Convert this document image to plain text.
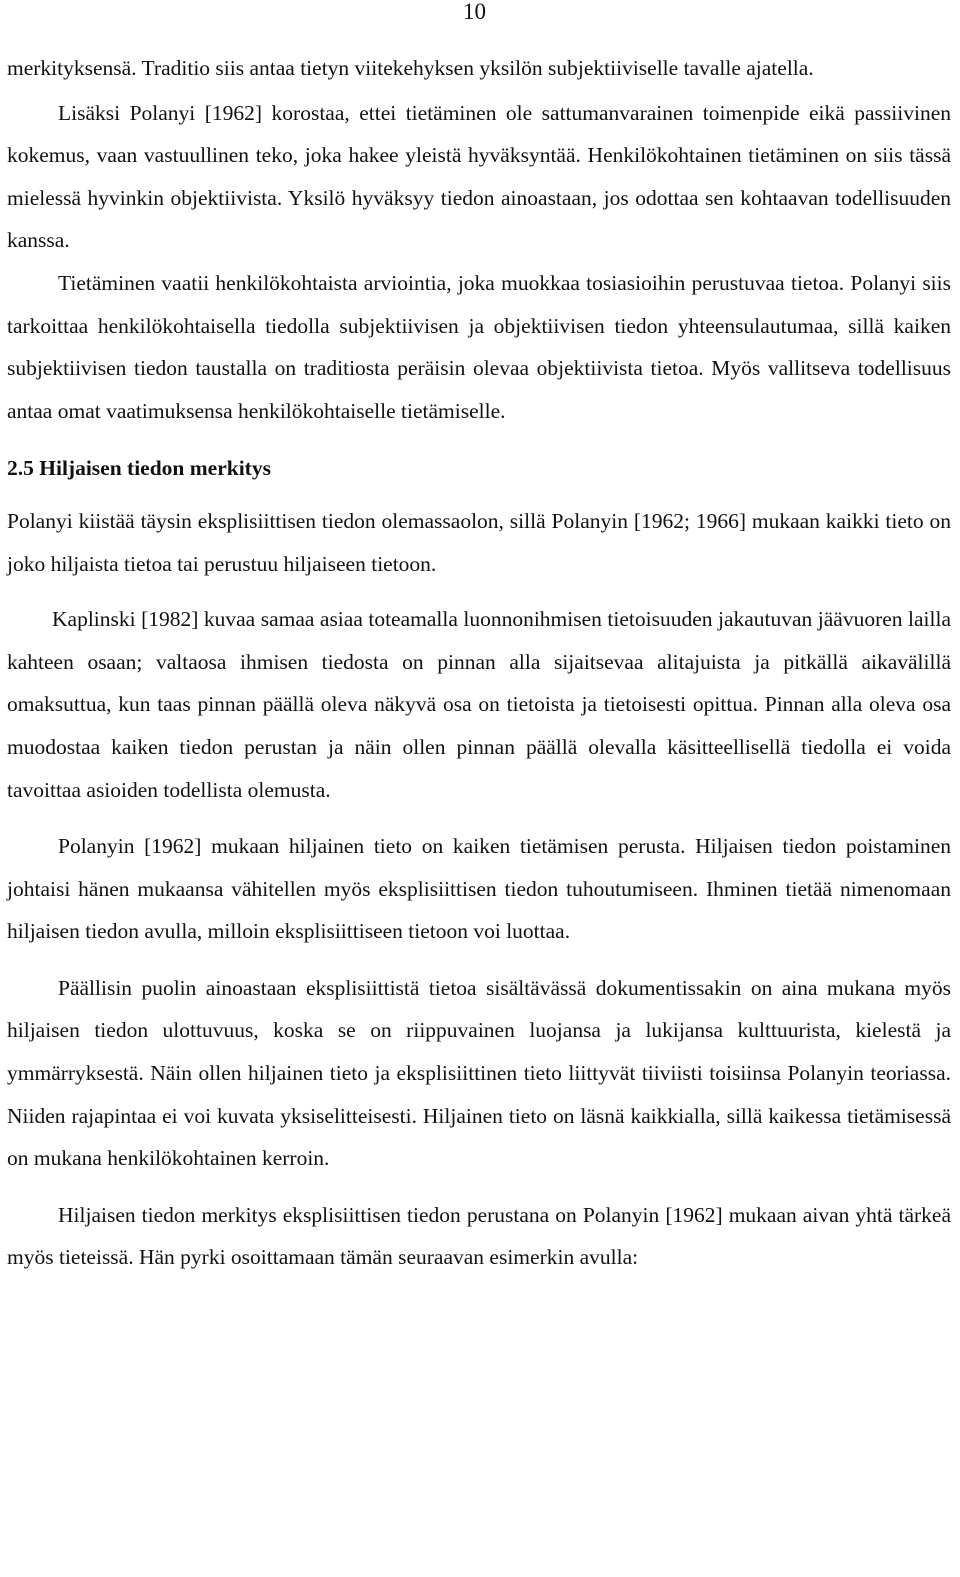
10

merkityksensä. Traditio siis antaa tietyn viitekehyksen yksilön subjektiiviselle tavalle ajatella.

Lisäksi Polanyi [1962] korostaa, ettei tietäminen ole sattumanvarainen toimenpide eikä passiivinen kokemus, vaan vastuullinen teko, joka hakee yleistä hyväksyntää. Henkilökohtainen tietäminen on siis tässä mielessä hyvinkin objektiivista. Yksilö hyväksyy tiedon ainoastaan, jos odottaa sen kohtaavan todellisuuden kanssa.

Tietäminen vaatii henkilökohtaista arviointia, joka muokkaa tosiasioihin perustuvaa tietoa. Polanyi siis tarkoittaa henkilökohtaisella tiedolla subjektiivisen ja objektiivisen tiedon yhteensulautumaa, sillä kaiken subjektiivisen tiedon taustalla on traditiosta peräisin olevaa objektiivista tietoa. Myös vallitseva todellisuus antaa omat vaatimuksensa henkilökohtaiselle tietämiselle.

2.5 Hiljaisen tiedon merkitys

Polanyi kiistää täysin eksplisiittisen tiedon olemassaolon, sillä Polanyin [1962; 1966] mukaan kaikki tieto on joko hiljaista tietoa tai perustuu hiljaiseen tietoon.

Kaplinski [1982] kuvaa samaa asiaa toteamalla luonnonihmisen tietoisuuden jakautuvan jäävuoren lailla kahteen osaan; valtaosa ihmisen tiedosta on pinnan alla sijaitsevaa alitajuista ja pitkällä aikavälillä omaksuttua, kun taas pinnan päällä oleva näkyvä osa on tietoista ja tietoisesti opittua. Pinnan alla oleva osa muodostaa kaiken tiedon perustan ja näin ollen pinnan päällä olevalla käsitteellisellä tiedolla ei voida tavoittaa asioiden todellista olemusta.

Polanyin [1962] mukaan hiljainen tieto on kaiken tietämisen perusta. Hiljaisen tiedon poistaminen johtaisi hänen mukaansa vähitellen myös eksplisiittisen tiedon tuhoutumiseen. Ihminen tietää nimenomaan hiljaisen tiedon avulla, milloin eksplisiittiseen tietoon voi luottaa.

Päällisin puolin ainoastaan eksplisiittistä tietoa sisältävässä dokumentissakin on aina mukana myös hiljaisen tiedon ulottuvuus, koska se on riippuvainen luojansa ja lukijansa kulttuurista, kielestä ja ymmärryksestä. Näin ollen hiljainen tieto ja eksplisiittinen tieto liittyvät tiiviisti toisiinsa Polanyin teoriassa. Niiden rajapintaa ei voi kuvata yksiselitteisesti. Hiljainen tieto on läsnä kaikkialla, sillä kaikessa tietämisessä on mukana henkilökohtainen kerroin.

Hiljaisen tiedon merkitys eksplisiittisen tiedon perustana on Polanyin [1962] mukaan aivan yhtä tärkeä myös tieteissä. Hän pyrki osoittamaan tämän seuraavan esimerkin avulla:
